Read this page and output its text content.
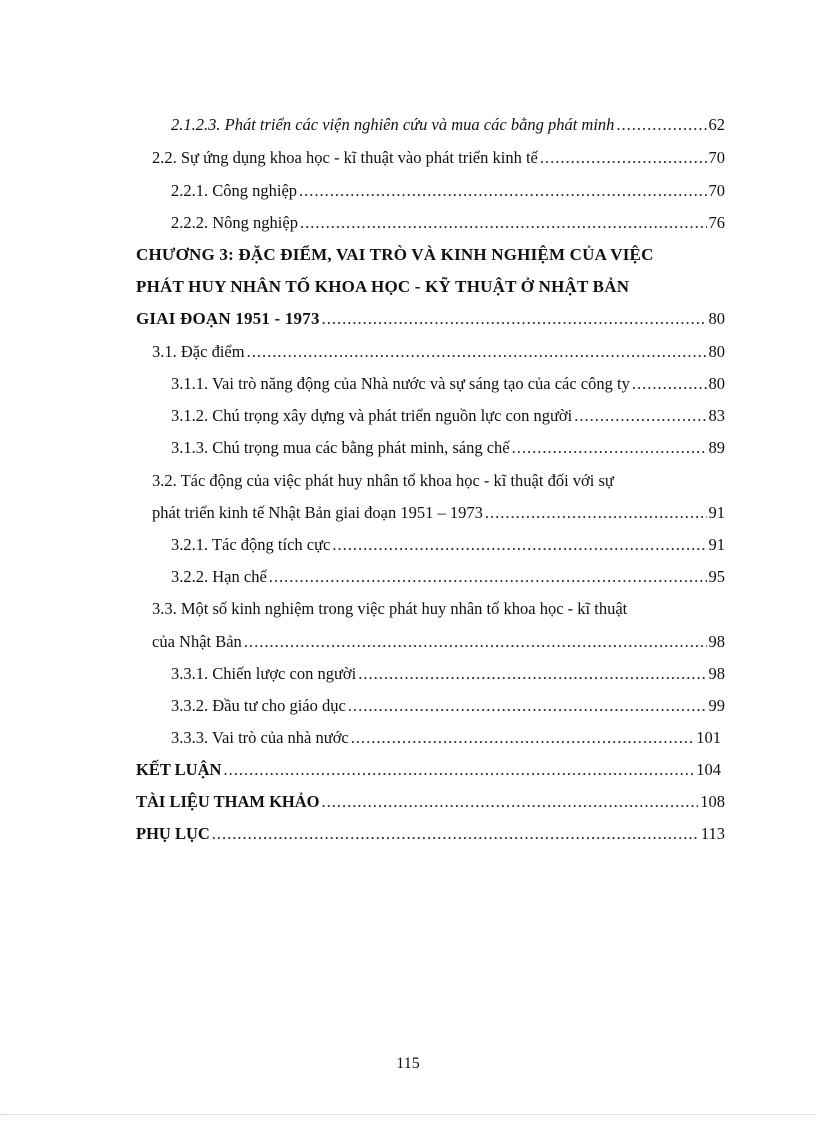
2.1.2.3. Phát triển các viện nghiên cứu và mua các bằng phát minh .....	62
2.2. Sự ứng dụng khoa học - kĩ thuật vào phát triển kinh tế .....	70
2.2.1. Công nghiệp .....	70
2.2.2. Nông nghiệp .....	76
CHƯƠNG 3: ĐẶC ĐIỂM, VAI TRÒ VÀ KINH NGHIỆM CỦA VIỆC
PHÁT HUY NHÂN TỐ KHOA HỌC - KỸ THUẬT Ở NHẬT BẢN
GIAI ĐOẠN 1951 - 1973 .....	80
3.1. Đặc điểm .....	80
3.1.1. Vai trò năng động của Nhà nước và sự sáng tạo của các công ty .....	80
3.1.2. Chú trọng xây dựng và phát triển nguồn lực con người .....	83
3.1.3. Chú trọng mua các bằng phát minh, sáng chế .....	89
3.2. Tác động của việc phát huy nhân tố khoa học - kĩ thuật đối với sự
phát triển kinh tế Nhật Bản giai đoạn 1951 – 1973 .....	91
3.2.1. Tác động tích cực .....	91
3.2.2. Hạn chế .....	95
3.3. Một số kinh nghiệm trong việc phát huy nhân tố khoa học - kĩ thuật
của Nhật Bản .....	98
3.3.1. Chiến lược con người .....	98
3.3.2. Đầu tư cho giáo dục .....	99
3.3.3. Vai trò của nhà nước .....	101
KẾT LUẬN .....	104
TÀI LIỆU THAM KHẢO .....	108
PHỤ LỤC .....	113
115
